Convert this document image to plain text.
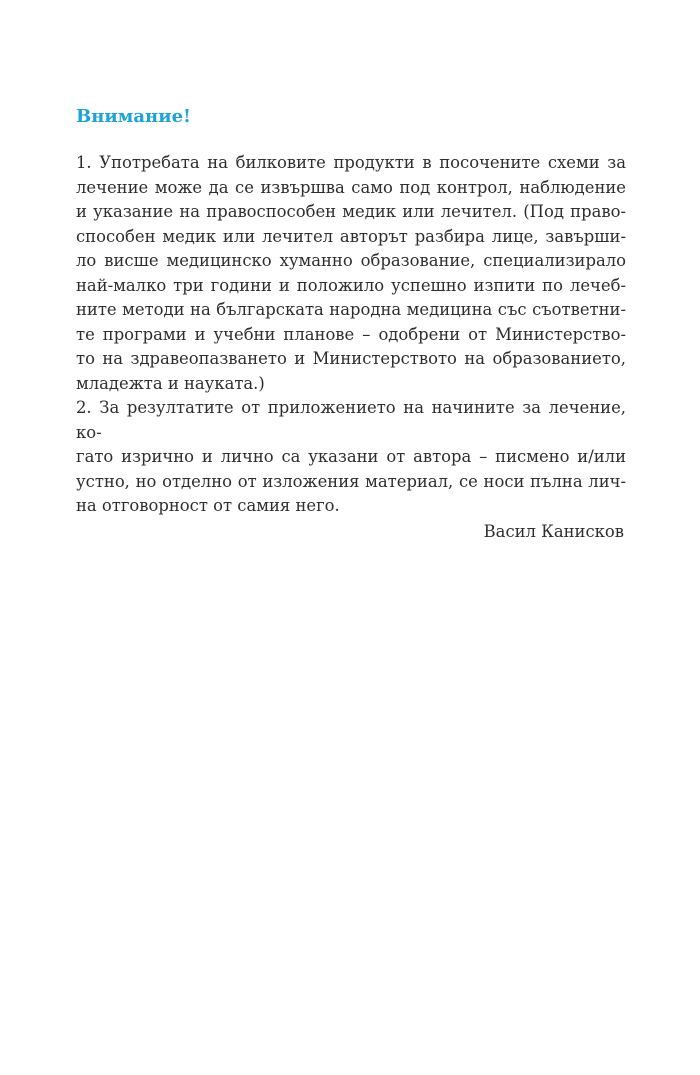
Внимание!
1. Употребата на билковите продукти в посочените схеми за
лечение може да се извършва само под контрол, наблюдение
и указание на правоспособен медик или лечител. (Под право-
способен медик или лечител авторът разбира лице, завърши-
ло висше медицинско хуманно образование, специализирало
най-малко три години и положило успешно изпити по лечеб-
ните методи на българската народна медицина със съответни-
те програми и учебни планове – одобрени от Министерство-
то на здравеопазването и Министерството на образованието,
младежта и науката.)
2. За резултатите от приложението на начините за лечение, ко-
гато изрично и лично са указани от автора – писмено и/или
устно, но отделно от изложения материал, се носи пълна лич-
на отговорност от самия него.
Васил Канисков
